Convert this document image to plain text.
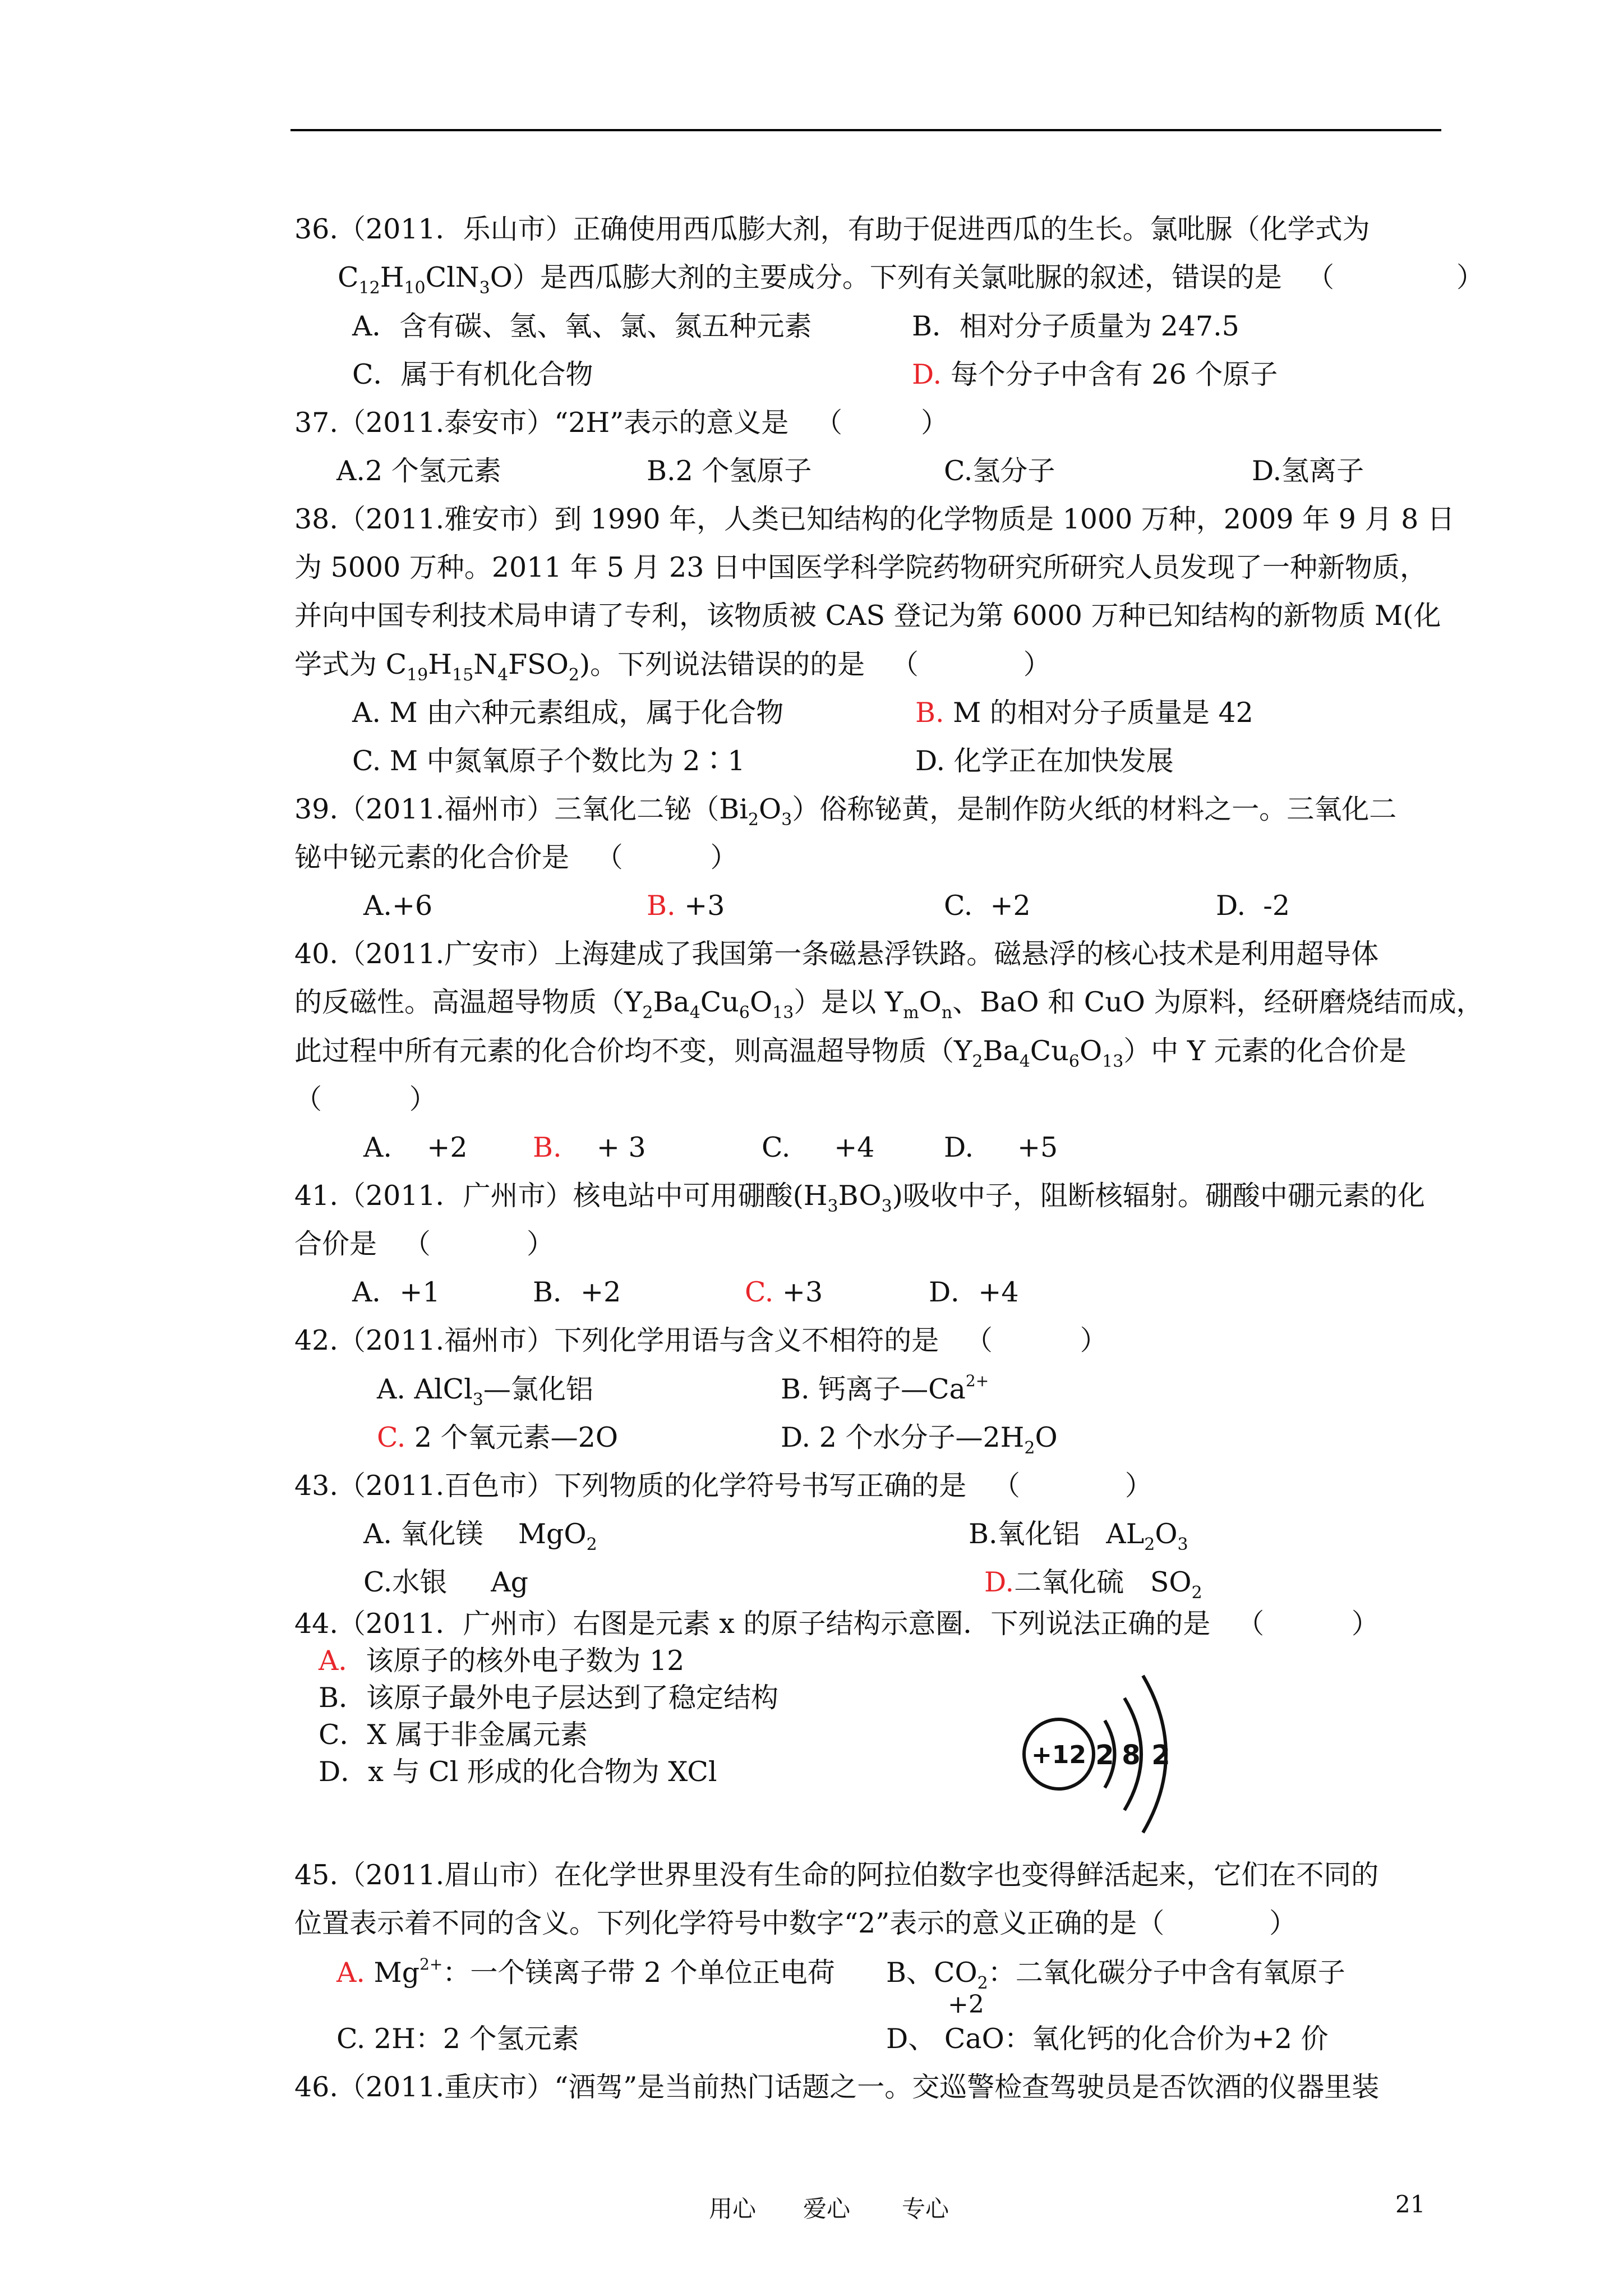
36.（2011．乐山市）正确使用西瓜膨大剂，有助于促进西瓜的生长。氯吡脲（化学式为
$C_{12}H_{10}ClN_3O$）是西瓜膨大剂的主要成分。下列有关氯吡脲的叙述，错误的是 （              ）
A．含有碳、氢、氧、氯、氮五种元素	B．相对分子质量为 247.5
C．属于有机化合物	D. 每个分子中含有 26 个原子
37.（2011.泰安市）“2H”表示的意义是   （         ）
A.2 个氢元素	B.2 个氢原子	C.氢分子	D.氢离子
38.（2011.雅安市）到 1990 年，人类已知结构的化学物质是 1000 万种，2009 年 9 月 8 日
为 5000 万种。2011 年 5 月 23 日中国医学科学院药物研究所研究人员发现了一种新物质，
并向中国专利技术局申请了专利，该物质被 CAS 登记为第 6000 万种已知结构的新物质 M(化
学式为 $C_{19}H_{15}N_4FSO_2$)。下列说法错误的的是   （            ）
A. M 由六种元素组成，属于化合物	B. M 的相对分子质量是 42
C. M 中氮氧原子个数比为 2∶1	D. 化学正在加快发展
39.（2011.福州市）三氧化二铋$(Bi_2O_3)$俗称铋黄，是制作防火纸的材料之一。三氧化二
铋中铋元素的化合价是   （          ）
A.+6	B. +3	C.  +2	D.  -2
40.（2011.广安市）上海建成了我国第一条磁悬浮铁路。磁悬浮的核心技术是利用超导体
的反磁性。高温超导物质$(Y_2Ba_4Cu_6O_{13})$是以 $Y_mO_n$、BaO 和 CuO 为原料，经研磨烧结而成，
此过程中所有元素的化合价均不变，则高温超导物质$(Y_2Ba_4Cu_6O_{13})$中 Y 元素的化合价是
（          ）
A.    +2 B.    + 3	C.     +4	D.     +5
41.（2011．广州市）核电站中可用硼酸$(H_3BO_3)$吸收中子，阻断核辐射。硼酸中硼元素的化
合价是   （           ）
A．+1	B．+2	C. +3	D．+4
42.（2011.福州市）下列化学用语与含义不相符的是   （          ）
A. AlCl$_3$—氯化铝	B. 钙离子$—Ca^{2+}$
C. 2 个氧元素—2O	D. 2 个水分子$—2H_2O$
43.（2011.百色市）下列物质的化学符号书写正确的是   （            ）
A. 氧化镁    MgO$_2$	B.氧化铝   $AL_2O_3$
C.水银     Ag	D.二氧化硫   $SO_2$
44.（2011．广州市）右图是元素 x 的原子结构示意圈．下列说法正确的是   （          ）
A．该原子的核外电子数为 12
B．该原子最外电子层达到了稳定结构
C．X 属于非金属元素
D．x 与 Cl 形成的化合物为 XCl
+12 2 8 2
45.（2011.眉山市）在化学世界里没有生命的阿拉伯数字也变得鲜活起来，它们在不同的
位置表示着不同的含义。下列化学符号中数字“2”表示的意义正确的是（            ）
A. $Mg^{2+}$：一个镁离子带 2 个单位正电荷 B、$CO_2$：二氧化碳分子中含有氧原子
+2
C. 2H：2 个氢元素	D、 CaO：氧化钙的化合价为+2 价
46.（2011.重庆市）“酒驾”是当前热门话题之一。交巡警检查驾驶员是否饮酒的仪器里装
用心 爱心 专心	21
